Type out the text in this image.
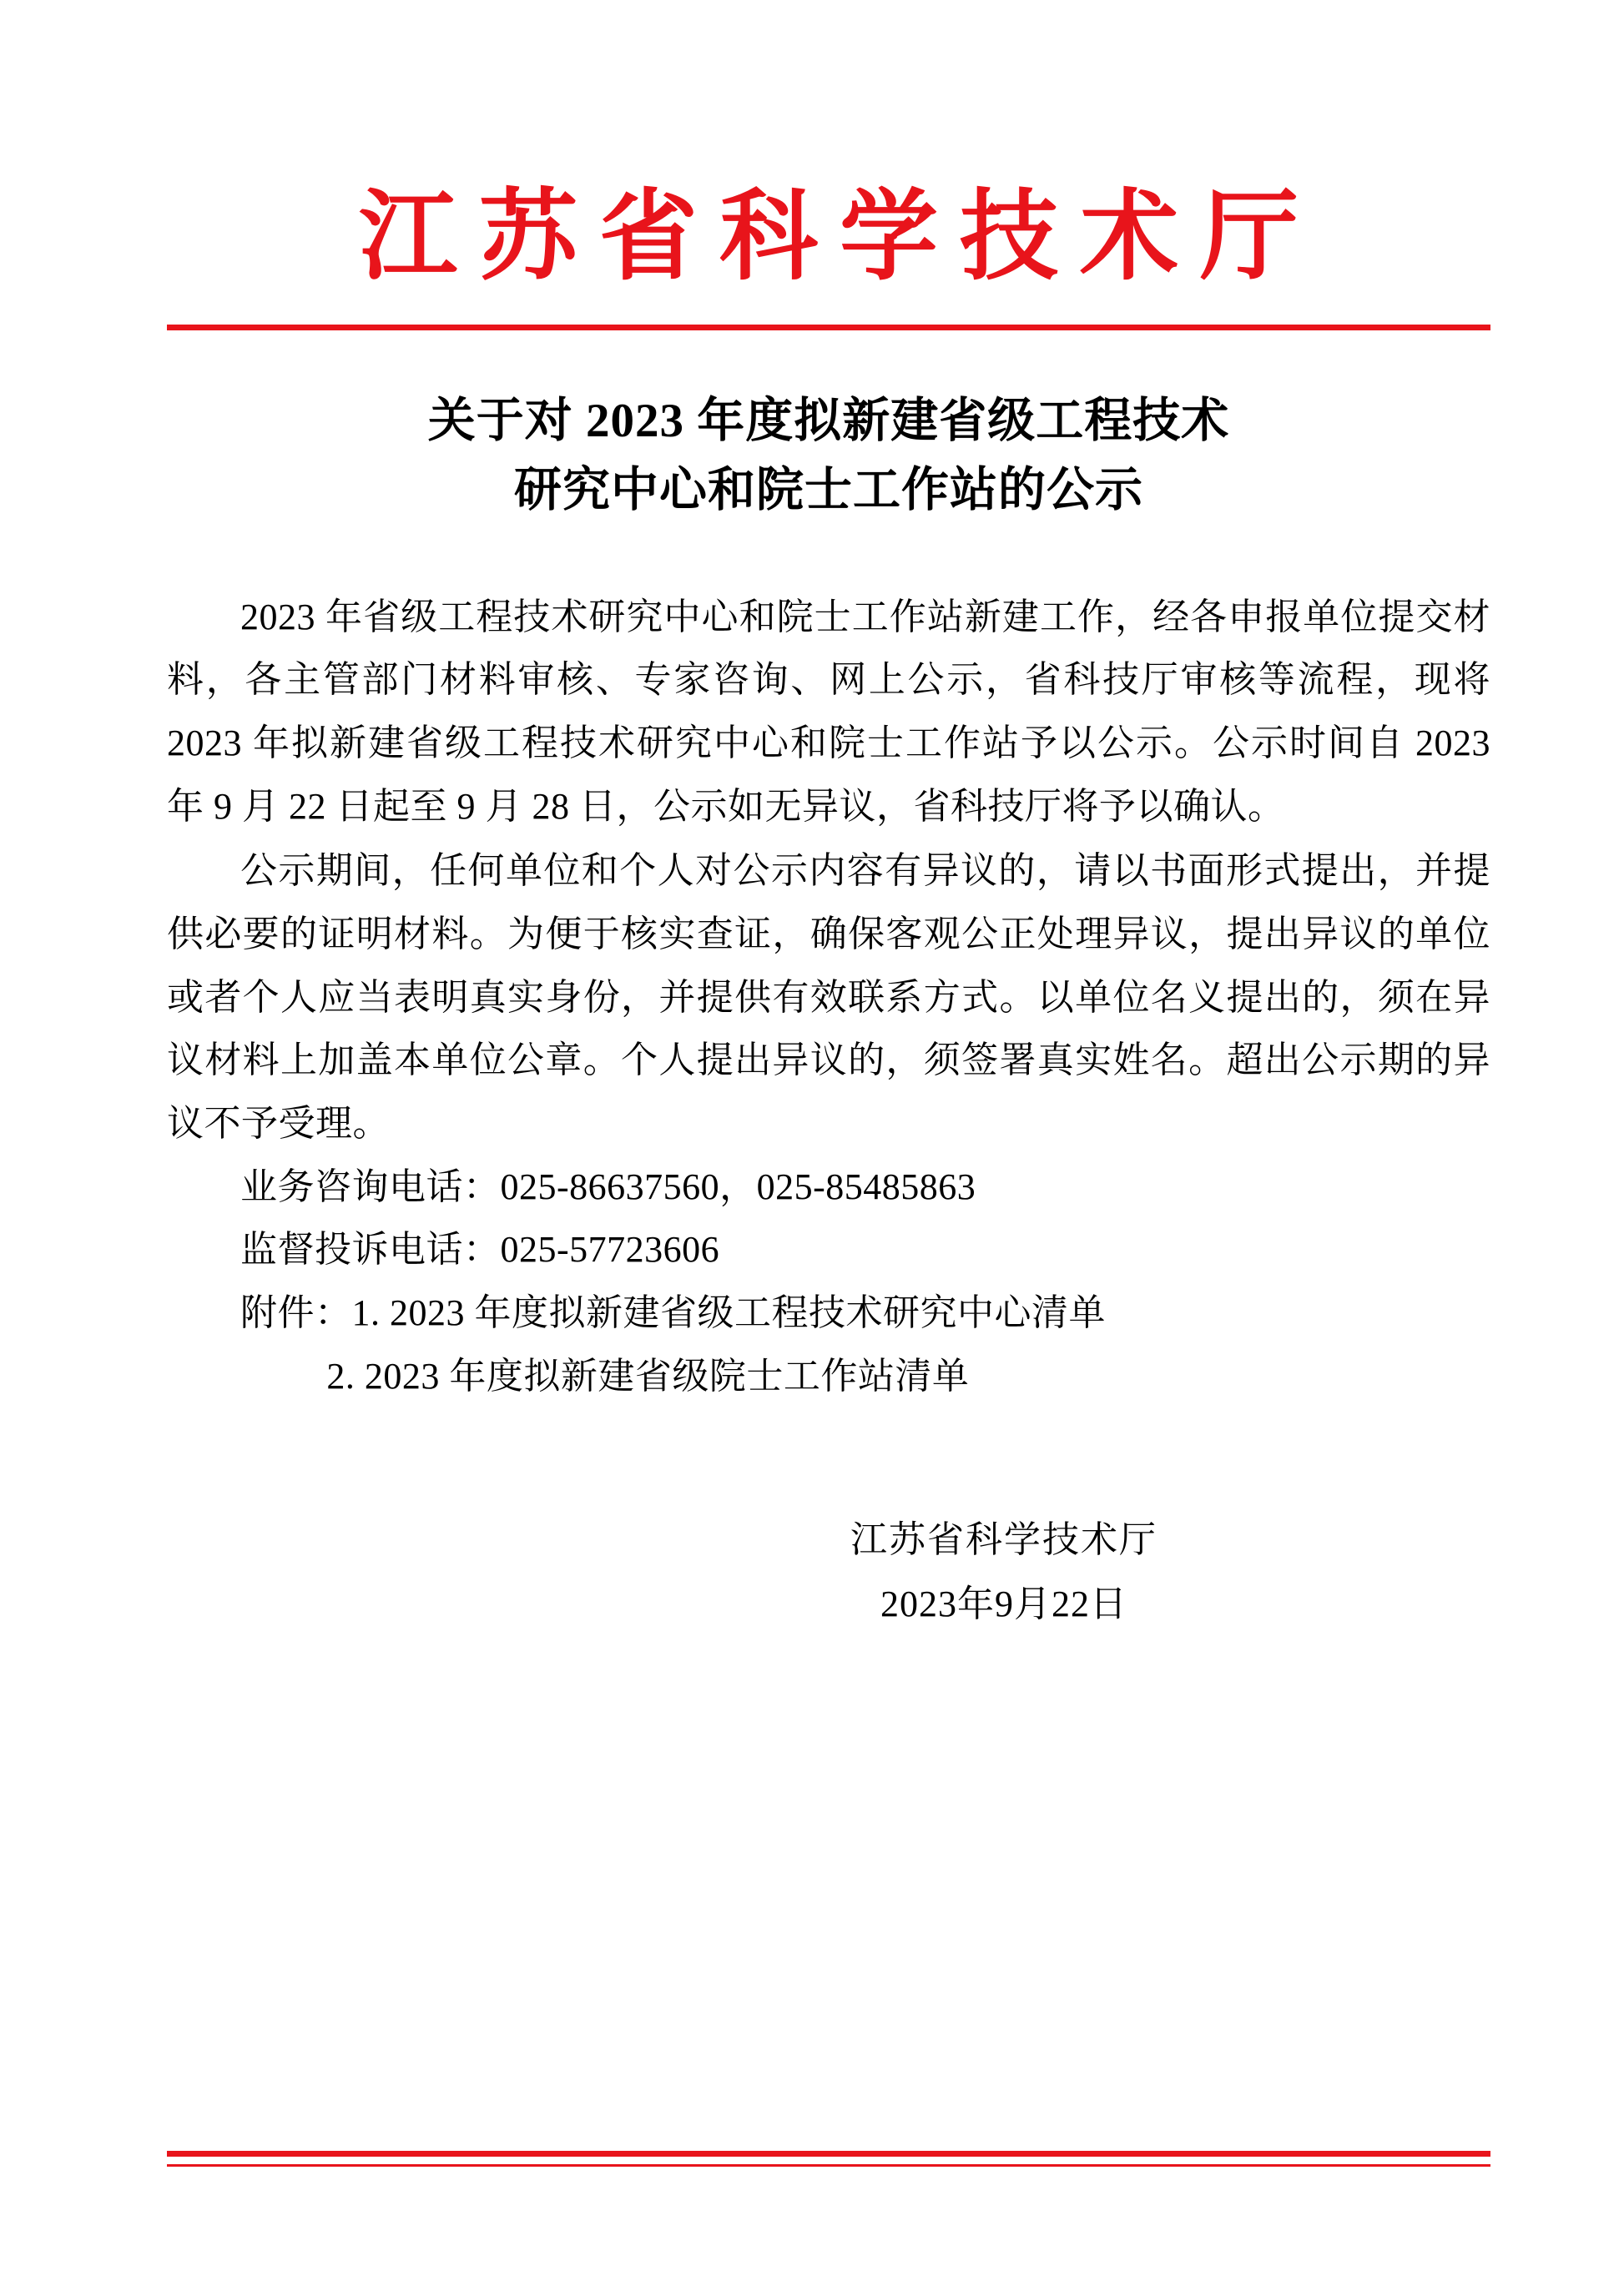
江苏省科学技术厅
关于对 2023 年度拟新建省级工程技术
研究中心和院士工作站的公示

2023 年省级工程技术研究中心和院士工作站新建工作，经各申报单位提交材料，各主管部门材料审核、专家咨询、网上公示，省科技厅审核等流程，现将 2023 年拟新建省级工程技术研究中心和院士工作站予以公示。公示时间自 2023 年 9 月 22 日起至 9 月 28 日，公示如无异议，省科技厅将予以确认。

公示期间，任何单位和个人对公示内容有异议的，请以书面形式提出，并提供必要的证明材料。为便于核实查证，确保客观公正处理异议，提出异议的单位或者个人应当表明真实身份，并提供有效联系方式。以单位名义提出的，须在异议材料上加盖本单位公章。个人提出异议的，须签署真实姓名。超出公示期的异议不予受理。

业务咨询电话：025-86637560，025-85485863

监督投诉电话：025-57723606

附件：1. 2023 年度拟新建省级工程技术研究中心清单

2. 2023 年度拟新建省级院士工作站清单

江苏省科学技术厅
2023年9月22日
